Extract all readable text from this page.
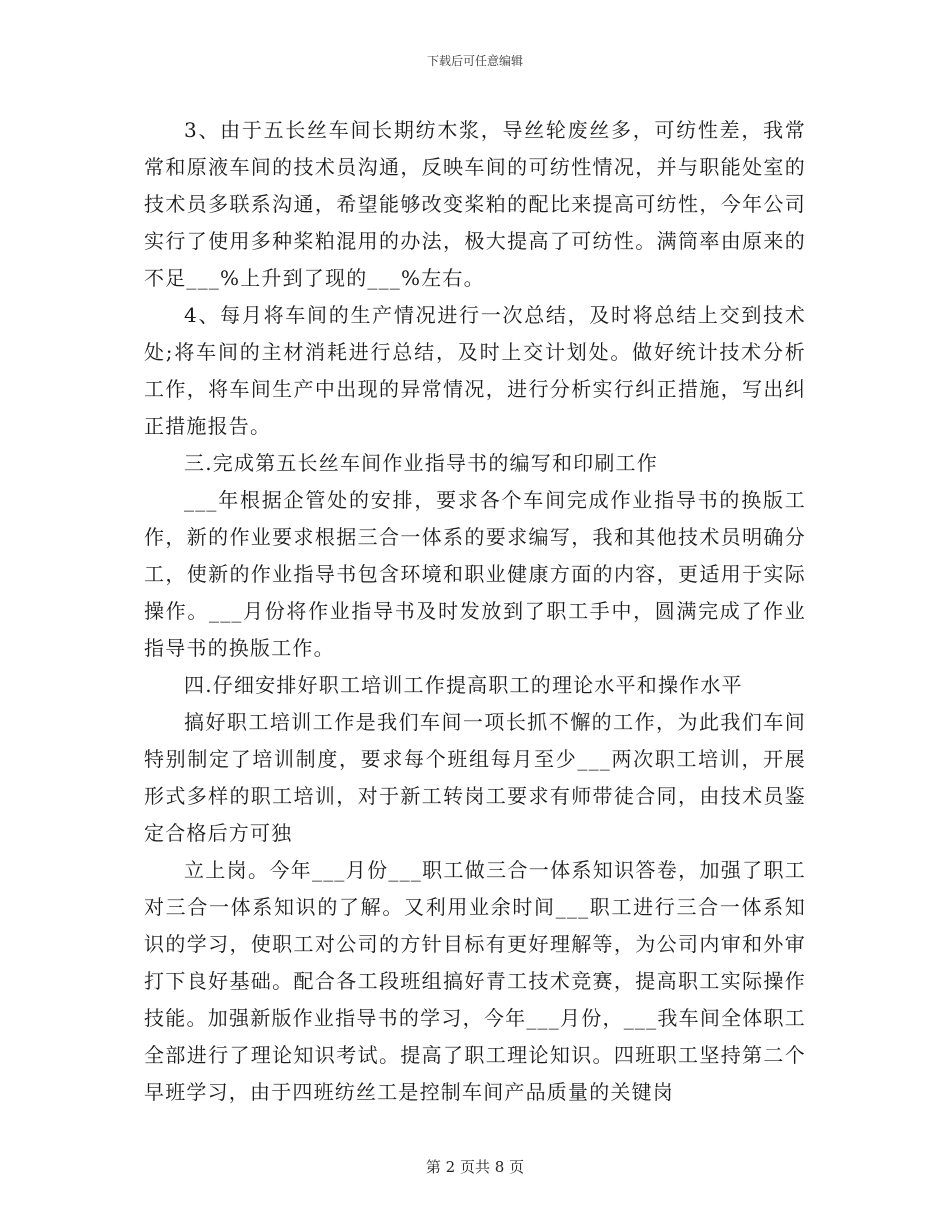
下载后可任意编辑

3、由于五长丝车间长期纺木浆，导丝轮废丝多，可纺性差，我常常和原液车间的技术员沟通，反映车间的可纺性情况，并与职能处室的技术员多联系沟通，希望能够改变桨粕的配比来提高可纺性，今年公司实行了使用多种桨粕混用的办法，极大提高了可纺性。满筒率由原来的不足___%上升到了现的___%左右。

4、每月将车间的生产情况进行一次总结，及时将总结上交到技术处;将车间的主材消耗进行总结，及时上交计划处。做好统计技术分析工作，将车间生产中出现的异常情况，进行分析实行纠正措施，写出纠正措施报告。

三.完成第五长丝车间作业指导书的编写和印刷工作

___年根据企管处的安排，要求各个车间完成作业指导书的换版工作，新的作业要求根据三合一体系的要求编写，我和其他技术员明确分工，使新的作业指导书包含环境和职业健康方面的内容，更适用于实际操作。___月份将作业指导书及时发放到了职工手中，圆满完成了作业指导书的换版工作。

四.仔细安排好职工培训工作提高职工的理论水平和操作水平

搞好职工培训工作是我们车间一项长抓不懈的工作，为此我们车间特别制定了培训制度，要求每个班组每月至少___两次职工培训，开展形式多样的职工培训，对于新工转岗工要求有师带徒合同，由技术员鉴定合格后方可独

立上岗。今年___月份___职工做三合一体系知识答卷，加强了职工对三合一体系知识的了解。又利用业余时间___职工进行三合一体系知识的学习，使职工对公司的方针目标有更好理解等，为公司内审和外审打下良好基础。配合各工段班组搞好青工技术竞赛，提高职工实际操作技能。加强新版作业指导书的学习，今年___月份，___我车间全体职工全部进行了理论知识考试。提高了职工理论知识。四班职工坚持第二个早班学习，由于四班纺丝工是控制车间产品质量的关键岗

第 2 页共 8 页
